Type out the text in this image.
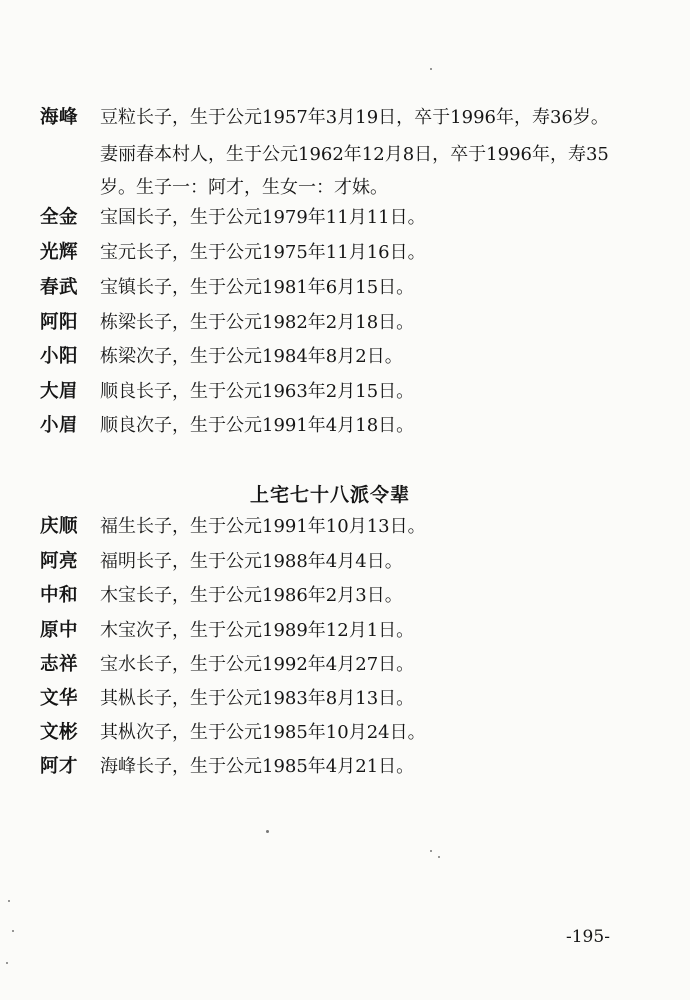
海峰 豆粒长子，生于公元1957年3月19日，卒于1996年，寿36岁。
妻丽春本村人，生于公元1962年12月8日，卒于1996年，寿35
岁。生子一：阿才，生女一：才妹。
全金 宝国长子，生于公元1979年11月11日。
光辉 宝元长子，生于公元1975年11月16日。
春武 宝镇长子，生于公元1981年6月15日。
阿阳 栋梁长子，生于公元1982年2月18日。
小阳 栋梁次子，生于公元1984年8月2日。
大眉 顺良长子，生于公元1963年2月15日。
小眉 顺良次子，生于公元1991年4月18日。
上宅七十八派令辈
庆顺 福生长子，生于公元1991年10月13日。
阿亮 福明长子，生于公元1988年4月4日。
中和 木宝长子，生于公元1986年2月3日。
原中 木宝次子，生于公元1989年12月1日。
志祥 宝水长子，生于公元1992年4月27日。
文华 其枞长子，生于公元1983年8月13日。
文彬 其枞次子，生于公元1985年10月24日。
阿才 海峰长子，生于公元1985年4月21日。
-195-
